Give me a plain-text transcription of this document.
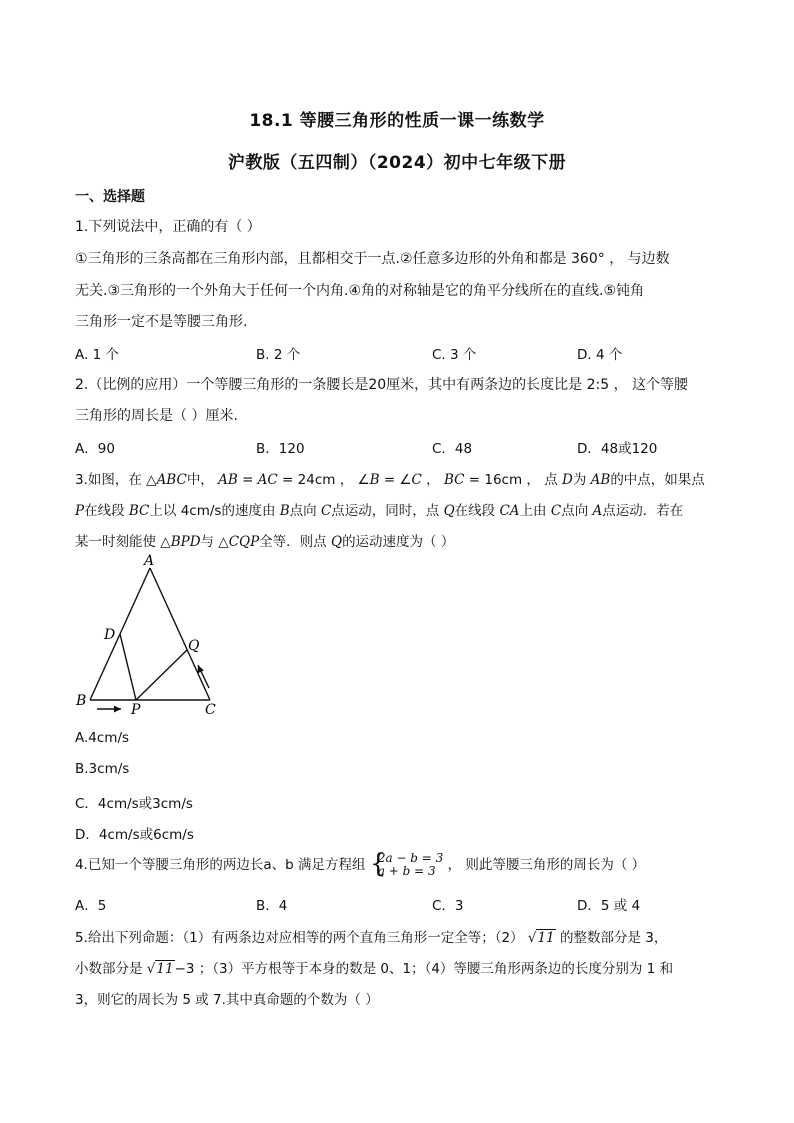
18.1 等腰三角形的性质一课一练数学
沪教版（五四制）（2024）初中七年级下册
一、选择题
1.下列说法中，正确的有（ ）
①三角形的三条高都在三角形内部，且都相交于一点.②任意多边形的外角和都是 360° ， 与边数
无关.③三角形的一个外角大于任何一个内角.④角的对称轴是它的角平分线所在的直线.⑤钝角
三角形一定不是等腰三角形.
A. 1 个	B. 2 个	C. 3 个	D. 4 个
2.（比例的应用）一个等腰三角形的一条腰长是20厘米，其中有两条边的长度比是 2:5 ， 这个等腰
三角形的周长是（ ）厘米.
A．90	B．120	C．48	D．48或120
3.如图，在 △ABC中， AB = AC = 24cm ， ∠B = ∠C ， BC = 16cm ， 点 D为 AB的中点，如果点
P在线段 BC上以 4cm/s的速度由 B点向 C点运动，同时，点 Q在线段 CA上由 C点向 A点运动．若在
某一时刻能使 △BPD与 △CQP全等．则点 Q的运动速度为（ ）
A
B
C
D
P
Q
A.4cm/s
B.3cm/s
C．4cm/s或3cm/s
D．4cm/s或6cm/s
4.已知一个等腰三角形的两边长a、b 满足方程组 {
2a − b = 3
a + b = 3 ， 则此等腰三角形的周长为（ ）
A．5	B．4	C．3	D．5 或 4
5.给出下列命题：（1）有两条边对应相等的两个直角三角形一定全等；（2） √11 的整数部分是 3，
小数部分是 √11−3 ；（3）平方根等于本身的数是 0、1；（4）等腰三角形两条边的长度分别为 1 和
3，则它的周长为 5 或 7.其中真命题的个数为（ ）
